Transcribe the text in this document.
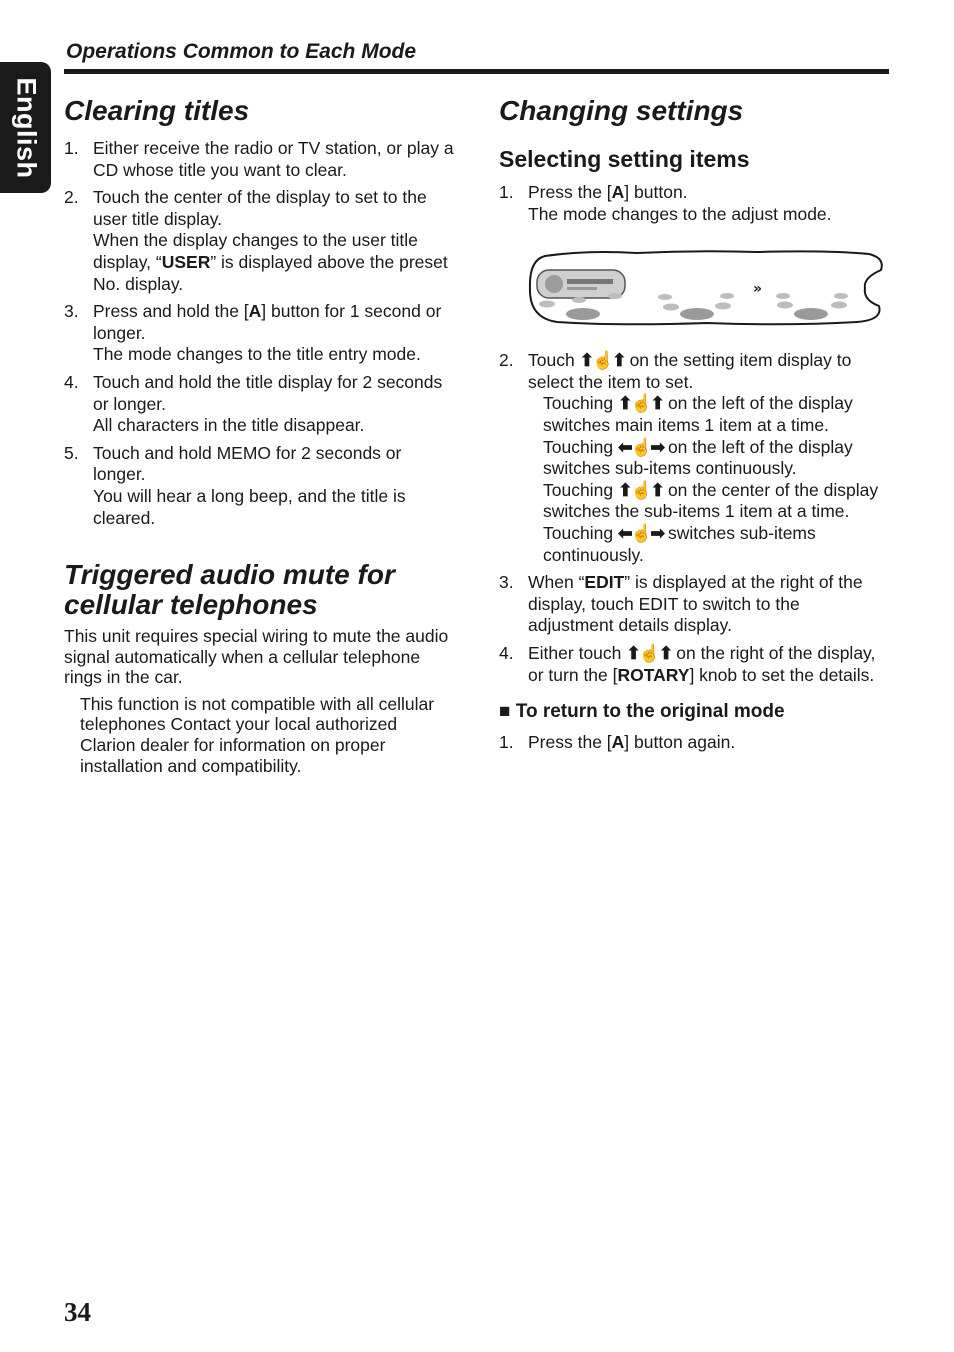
English
Operations Common to Each Mode
Clearing titles
1. Either receive the radio or TV station, or play a CD whose title you want to clear.
2. Touch the center of the display to set to the user title display.
When the display changes to the user title display, “USER” is displayed above the preset No. display.
3. Press and hold the [A] button for 1 second or longer.
The mode changes to the title entry mode.
4. Touch and hold the title display for 2 seconds or longer.
All characters in the title disappear.
5. Touch and hold MEMO for 2 seconds or longer.
You will hear a long beep, and the title is cleared.
Triggered audio mute for cellular telephones

This unit requires special wiring to mute the audio signal automatically when a cellular telephone rings in the car.

This function is not compatible with all cellular telephones Contact your local authorized Clarion dealer for information on proper installation and compatibility.

Changing settings
Selecting setting items
1. Press the [A] button.
The mode changes to the adjust mode.
2. Touch ⬆☝⬆ on the setting item display to select the item to set.
Touching ⬆☝⬆ on the left of the display switches main items 1 item at a time.
Touching ⬅☝➡ on the left of the display switches sub-items continuously.
Touching ⬆☝⬆ on the center of the display switches the sub-items 1 item at a time. Touching ⬅☝➡ switches sub-items continuously.
3. When “EDIT” is displayed at the right of the display, touch EDIT to switch to the adjustment details display.
4. Either touch ⬆☝⬆ on the right of the display, or turn the [ROTARY] knob to set the details.
■ To return to the original mode
1. Press the [A] button again.
»
34
